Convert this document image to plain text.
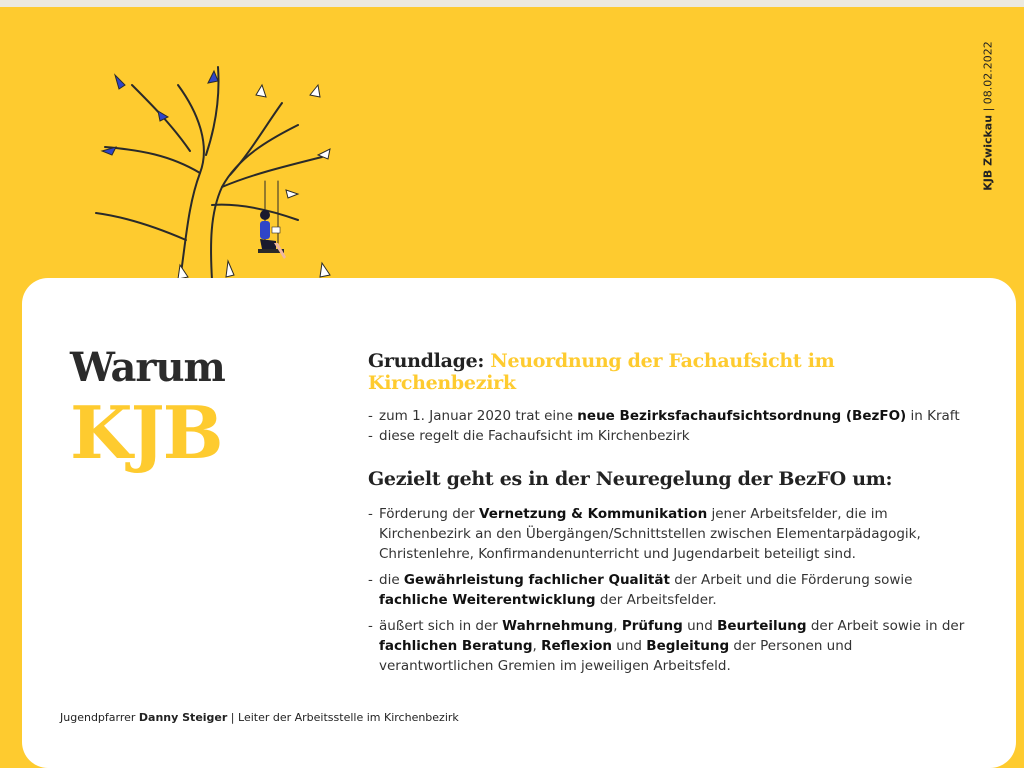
KJB Zwickau | 08.02.2022
Warum
KJB
Grundlage: Neuordnung der Fachaufsicht im Kirchenbezirk
- zum 1. Januar 2020 trat eine neue Bezirksfachaufsichtsordnung (BezFO) in Kraft
- diese regelt die Fachaufsicht im Kirchenbezirk
Gezielt geht es in der Neuregelung der BezFO um:
- Förderung der Vernetzung & Kommunikation jener Arbeitsfelder, die im Kirchenbezirk an den Übergängen/Schnittstellen zwischen Elementarpädagogik, Christenlehre, Konfirmandenunterricht und Jugendarbeit beteiligt sind.
- die Gewährleistung fachlicher Qualität der Arbeit und die Förderung sowie fachliche Weiterentwicklung der Arbeitsfelder.
- äußert sich in der Wahrnehmung, Prüfung und Beurteilung der Arbeit sowie in der fachlichen Beratung, Reflexion und Begleitung der Personen und verantwortlichen Gremien im jeweiligen Arbeitsfeld.
Jugendpfarrer Danny Steiger | Leiter der Arbeitsstelle im Kirchenbezirk
